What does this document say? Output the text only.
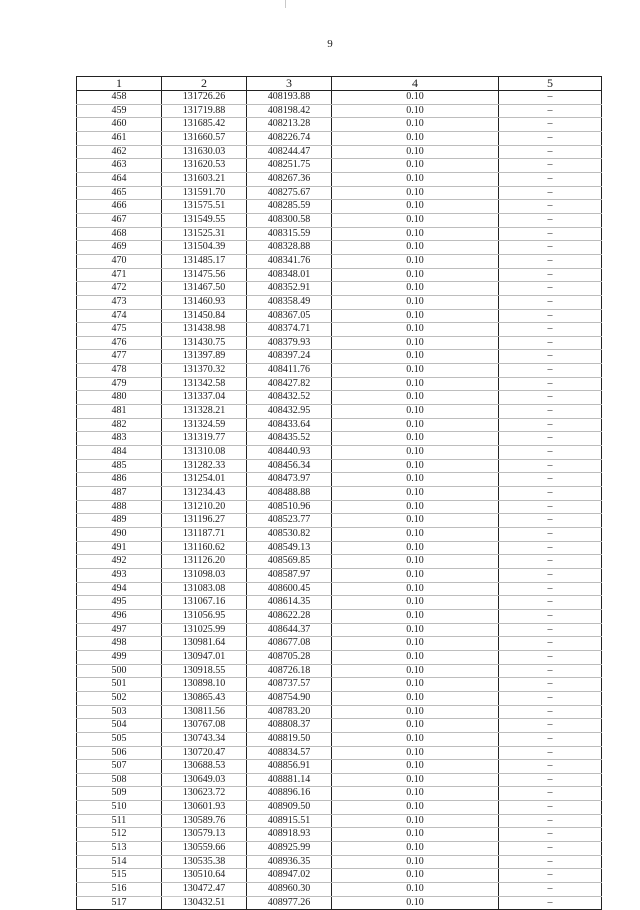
9
1	2	3	4	5
458	131726.26	408193.88	0.10	–
459	131719.88	408198.42	0.10	–
460	131685.42	408213.28	0.10	–
461	131660.57	408226.74	0.10	–
462	131630.03	408244.47	0.10	–
463	131620.53	408251.75	0.10	–
464	131603.21	408267.36	0.10	–
465	131591.70	408275.67	0.10	–
466	131575.51	408285.59	0.10	–
467	131549.55	408300.58	0.10	–
468	131525.31	408315.59	0.10	–
469	131504.39	408328.88	0.10	–
470	131485.17	408341.76	0.10	–
471	131475.56	408348.01	0.10	–
472	131467.50	408352.91	0.10	–
473	131460.93	408358.49	0.10	–
474	131450.84	408367.05	0.10	–
475	131438.98	408374.71	0.10	–
476	131430.75	408379.93	0.10	–
477	131397.89	408397.24	0.10	–
478	131370.32	408411.76	0.10	–
479	131342.58	408427.82	0.10	–
480	131337.04	408432.52	0.10	–
481	131328.21	408432.95	0.10	–
482	131324.59	408433.64	0.10	–
483	131319.77	408435.52	0.10	–
484	131310.08	408440.93	0.10	–
485	131282.33	408456.34	0.10	–
486	131254.01	408473.97	0.10	–
487	131234.43	408488.88	0.10	–
488	131210.20	408510.96	0.10	–
489	131196.27	408523.77	0.10	–
490	131187.71	408530.82	0.10	–
491	131160.62	408549.13	0.10	–
492	131126.20	408569.85	0.10	–
493	131098.03	408587.97	0.10	–
494	131083.08	408600.45	0.10	–
495	131067.16	408614.35	0.10	–
496	131056.95	408622.28	0.10	–
497	131025.99	408644.37	0.10	–
498	130981.64	408677.08	0.10	–
499	130947.01	408705.28	0.10	–
500	130918.55	408726.18	0.10	–
501	130898.10	408737.57	0.10	–
502	130865.43	408754.90	0.10	–
503	130811.56	408783.20	0.10	–
504	130767.08	408808.37	0.10	–
505	130743.34	408819.50	0.10	–
506	130720.47	408834.57	0.10	–
507	130688.53	408856.91	0.10	–
508	130649.03	408881.14	0.10	–
509	130623.72	408896.16	0.10	–
510	130601.93	408909.50	0.10	–
511	130589.76	408915.51	0.10	–
512	130579.13	408918.93	0.10	–
513	130559.66	408925.99	0.10	–
514	130535.38	408936.35	0.10	–
515	130510.64	408947.02	0.10	–
516	130472.47	408960.30	0.10	–
517	130432.51	408977.26	0.10	–
